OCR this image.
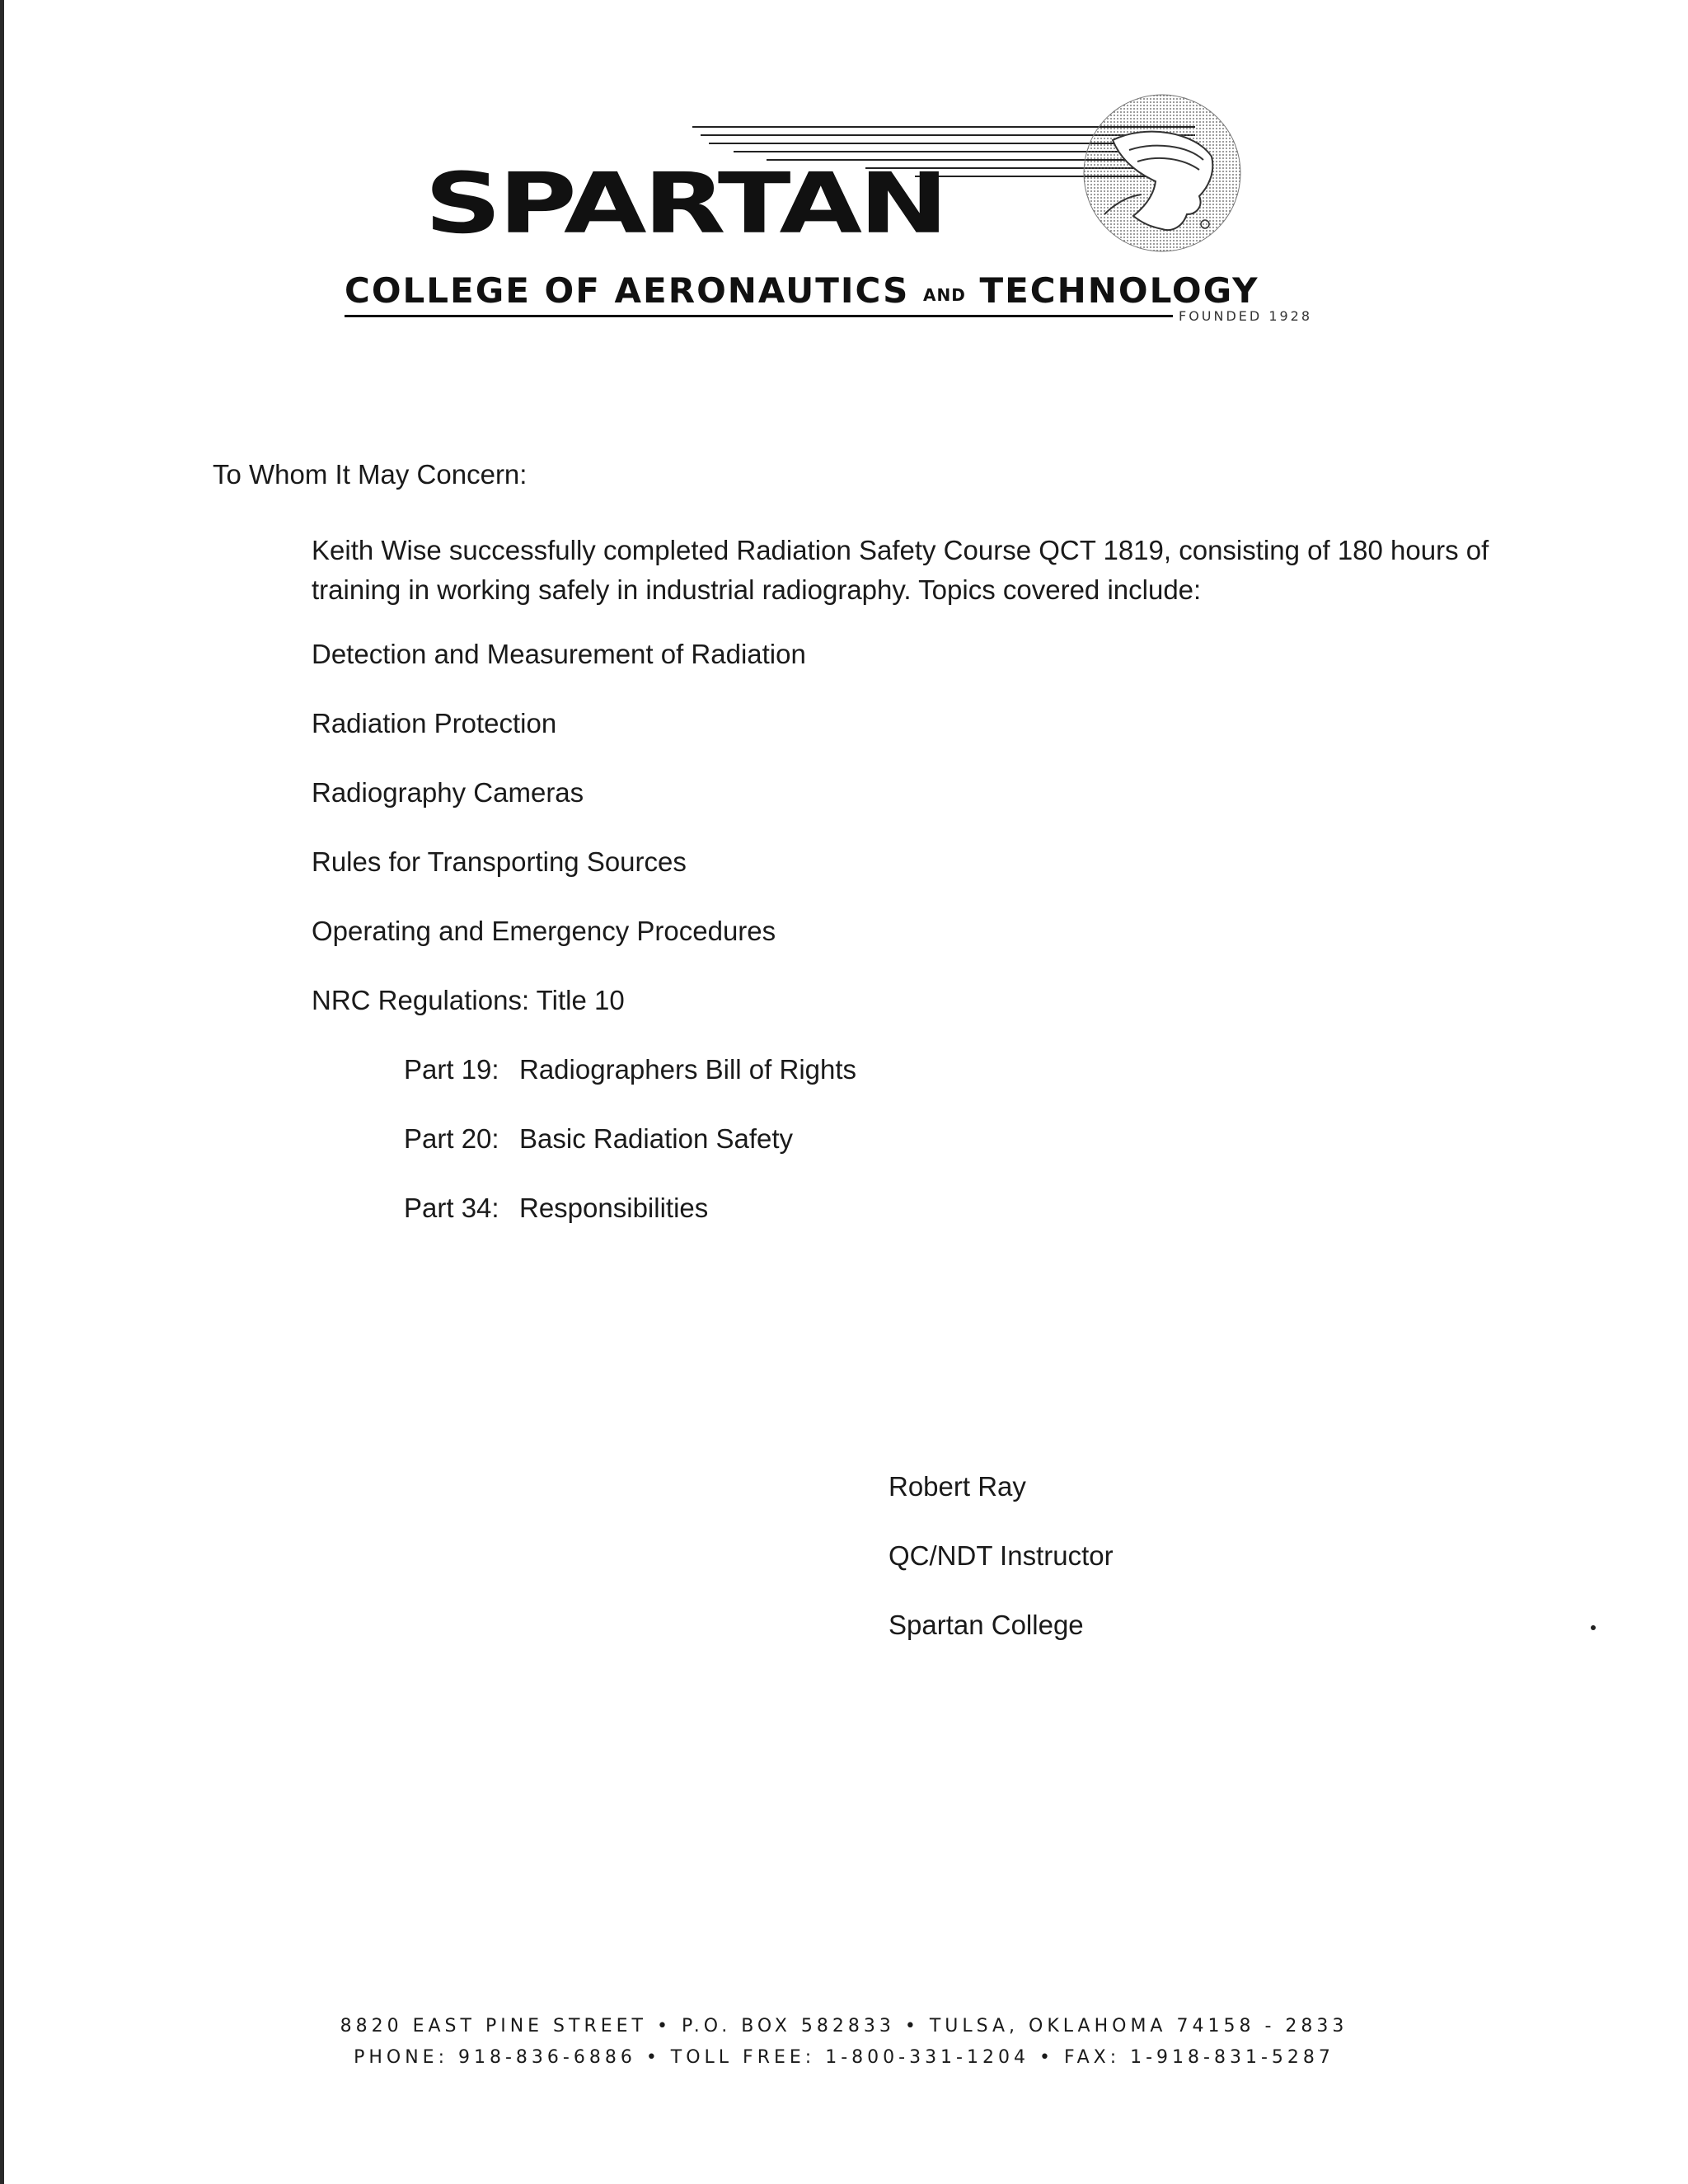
SPARTAN
COLLEGE OF AERONAUTICS AND TECHNOLOGY
FOUNDED 1928
To Whom It May Concern:
Keith Wise successfully completed Radiation Safety Course QCT 1819, consisting of 180 hours of training in working safely in industrial radiography. Topics covered include:
Detection and Measurement of Radiation
Radiation Protection
Radiography Cameras
Rules for Transporting Sources
Operating and Emergency Procedures
NRC Regulations: Title 10
Part 19: Radiographers Bill of Rights
Part 20: Basic Radiation Safety
Part 34: Responsibilities
Robert Ray
QC/NDT Instructor
Spartan College
8820 EAST PINE STREET • P.O. BOX 582833 • TULSA, OKLAHOMA 74158 - 2833
PHONE: 918-836-6886 • TOLL FREE: 1-800-331-1204 • FAX: 1-918-831-5287
